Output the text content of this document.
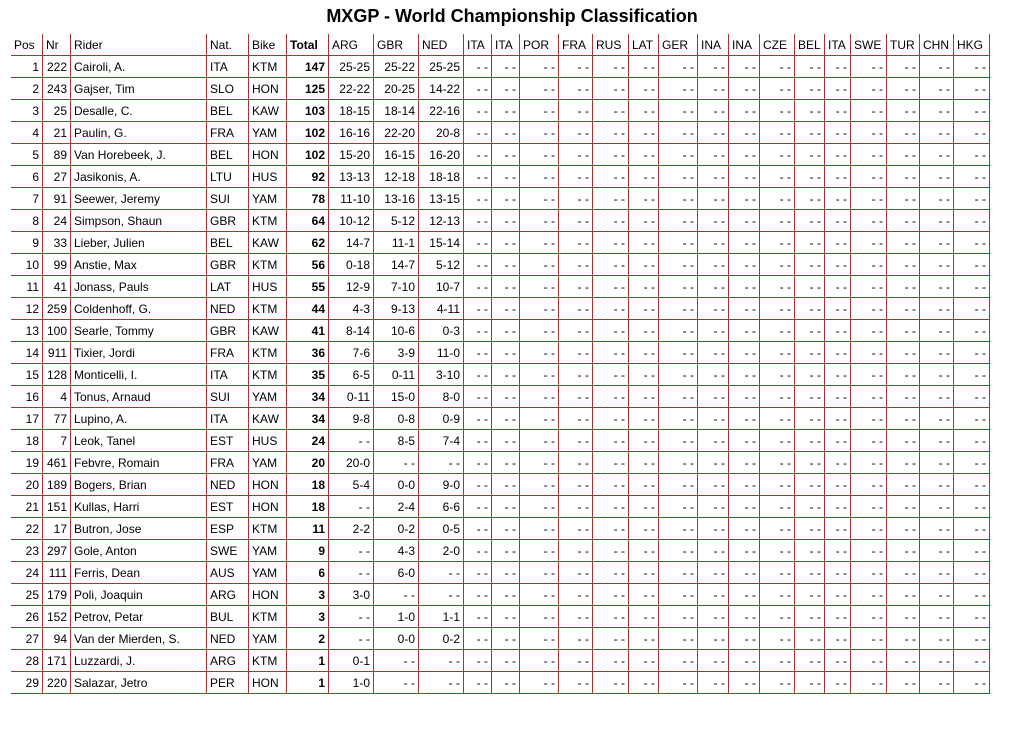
MXGP - World Championship Classification
Pos	Nr	Rider	Nat.	Bike	Total	ARG	GBR	NED	ITA	ITA	POR	FRA	RUS	LAT	GER	INA	INA	CZE	BEL	ITA	SWE	TUR	CHN	HKG
1	222	Cairoli, A.	ITA	KTM	147	25-25	25-22	25-25	- -	- -	- -	- -	- -	- -	- -	- -	- -	- -	- -	- -	- -	- -	- -	- -
2	243	Gajser, Tim	SLO	HON	125	22-22	20-25	14-22	- -	- -	- -	- -	- -	- -	- -	- -	- -	- -	- -	- -	- -	- -	- -	- -
3	25	Desalle, C.	BEL	KAW	103	18-15	18-14	22-16	- -	- -	- -	- -	- -	- -	- -	- -	- -	- -	- -	- -	- -	- -	- -	- -
4	21	Paulin, G.	FRA	YAM	102	16-16	22-20	20-8	- -	- -	- -	- -	- -	- -	- -	- -	- -	- -	- -	- -	- -	- -	- -	- -
5	89	Van Horebeek, J.	BEL	HON	102	15-20	16-15	16-20	- -	- -	- -	- -	- -	- -	- -	- -	- -	- -	- -	- -	- -	- -	- -	- -
6	27	Jasikonis, A.	LTU	HUS	92	13-13	12-18	18-18	- -	- -	- -	- -	- -	- -	- -	- -	- -	- -	- -	- -	- -	- -	- -	- -
7	91	Seewer, Jeremy	SUI	YAM	78	11-10	13-16	13-15	- -	- -	- -	- -	- -	- -	- -	- -	- -	- -	- -	- -	- -	- -	- -	- -
8	24	Simpson, Shaun	GBR	KTM	64	10-12	5-12	12-13	- -	- -	- -	- -	- -	- -	- -	- -	- -	- -	- -	- -	- -	- -	- -	- -
9	33	Lieber, Julien	BEL	KAW	62	14-7	11-1	15-14	- -	- -	- -	- -	- -	- -	- -	- -	- -	- -	- -	- -	- -	- -	- -	- -
10	99	Anstie, Max	GBR	KTM	56	0-18	14-7	5-12	- -	- -	- -	- -	- -	- -	- -	- -	- -	- -	- -	- -	- -	- -	- -	- -
11	41	Jonass, Pauls	LAT	HUS	55	12-9	7-10	10-7	- -	- -	- -	- -	- -	- -	- -	- -	- -	- -	- -	- -	- -	- -	- -	- -
12	259	Coldenhoff, G.	NED	KTM	44	4-3	9-13	4-11	- -	- -	- -	- -	- -	- -	- -	- -	- -	- -	- -	- -	- -	- -	- -	- -
13	100	Searle, Tommy	GBR	KAW	41	8-14	10-6	0-3	- -	- -	- -	- -	- -	- -	- -	- -	- -	- -	- -	- -	- -	- -	- -	- -
14	911	Tixier, Jordi	FRA	KTM	36	7-6	3-9	11-0	- -	- -	- -	- -	- -	- -	- -	- -	- -	- -	- -	- -	- -	- -	- -	- -
15	128	Monticelli, I.	ITA	KTM	35	6-5	0-11	3-10	- -	- -	- -	- -	- -	- -	- -	- -	- -	- -	- -	- -	- -	- -	- -	- -
16	4	Tonus, Arnaud	SUI	YAM	34	0-11	15-0	8-0	- -	- -	- -	- -	- -	- -	- -	- -	- -	- -	- -	- -	- -	- -	- -	- -
17	77	Lupino, A.	ITA	KAW	34	9-8	0-8	0-9	- -	- -	- -	- -	- -	- -	- -	- -	- -	- -	- -	- -	- -	- -	- -	- -
18	7	Leok, Tanel	EST	HUS	24	- -	8-5	7-4	- -	- -	- -	- -	- -	- -	- -	- -	- -	- -	- -	- -	- -	- -	- -	- -
19	461	Febvre, Romain	FRA	YAM	20	20-0	- -	- -	- -	- -	- -	- -	- -	- -	- -	- -	- -	- -	- -	- -	- -	- -	- -	- -
20	189	Bogers, Brian	NED	HON	18	5-4	0-0	9-0	- -	- -	- -	- -	- -	- -	- -	- -	- -	- -	- -	- -	- -	- -	- -	- -
21	151	Kullas, Harri	EST	HON	18	- -	2-4	6-6	- -	- -	- -	- -	- -	- -	- -	- -	- -	- -	- -	- -	- -	- -	- -	- -
22	17	Butron, Jose	ESP	KTM	11	2-2	0-2	0-5	- -	- -	- -	- -	- -	- -	- -	- -	- -	- -	- -	- -	- -	- -	- -	- -
23	297	Gole, Anton	SWE	YAM	9	- -	4-3	2-0	- -	- -	- -	- -	- -	- -	- -	- -	- -	- -	- -	- -	- -	- -	- -	- -
24	111	Ferris, Dean	AUS	YAM	6	- -	6-0	- -	- -	- -	- -	- -	- -	- -	- -	- -	- -	- -	- -	- -	- -	- -	- -	- -
25	179	Poli, Joaquin	ARG	HON	3	3-0	- -	- -	- -	- -	- -	- -	- -	- -	- -	- -	- -	- -	- -	- -	- -	- -	- -	- -
26	152	Petrov, Petar	BUL	KTM	3	- -	1-0	1-1	- -	- -	- -	- -	- -	- -	- -	- -	- -	- -	- -	- -	- -	- -	- -	- -
27	94	Van der Mierden, S.	NED	YAM	2	- -	0-0	0-2	- -	- -	- -	- -	- -	- -	- -	- -	- -	- -	- -	- -	- -	- -	- -	- -
28	171	Luzzardi, J.	ARG	KTM	1	0-1	- -	- -	- -	- -	- -	- -	- -	- -	- -	- -	- -	- -	- -	- -	- -	- -	- -	- -
29	220	Salazar, Jetro	PER	HON	1	1-0	- -	- -	- -	- -	- -	- -	- -	- -	- -	- -	- -	- -	- -	- -	- -	- -	- -	- -
